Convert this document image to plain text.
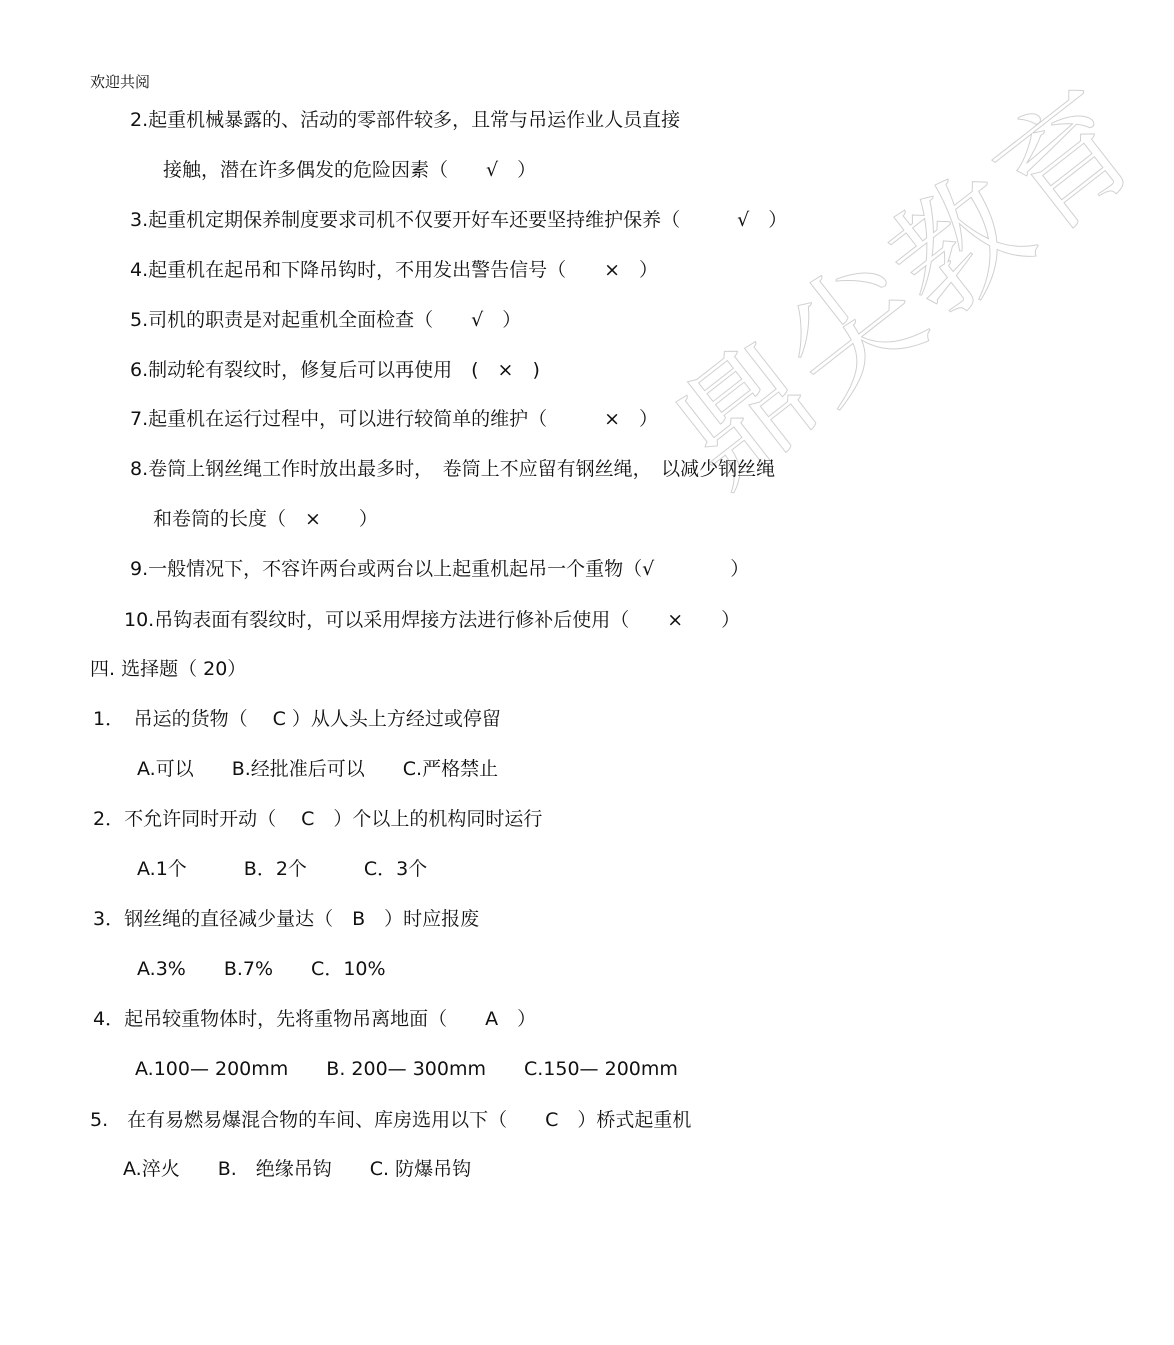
鼎尖教育
欢迎共阅
2.起重机械暴露的、活动的零部件较多，且常与吊运作业人员直接
接触，潜在许多偶发的危险因素（　　√　）
3.起重机定期保养制度要求司机不仅要开好车还要坚持维护保养（　　　√　）
4.起重机在起吊和下降吊钩时，不用发出警告信号（　　×　）
5.司机的职责是对起重机全面检查（　　√　）
6.制动轮有裂纹时，修复后可以再使用　(　×　)
7.起重机在运行过程中，可以进行较简单的维护（　　　×　）
8.卷筒上钢丝绳工作时放出最多时，　卷筒上不应留有钢丝绳，　以减少钢丝绳
和卷筒的长度（　×　　）
9.一般情况下，不容许两台或两台以上起重机起吊一个重物（√　　　　）
10.吊钩表面有裂纹时，可以采用焊接方法进行修补后使用（　　×　　）
四. 选择题（ 20）
1．　吊运的货物（　 C ）从人头上方经过或停留
A.可以　　B.经批准后可以　　C.严格禁止
2．不允许同时开动（　 C　）个以上的机构同时运行
A.1个　　　B．2个　　　C．3个
3．钢丝绳的直径减少量达（　B　）时应报废
A.3%　　B.7%　　C．10%
4．起吊较重物体时，先将重物吊离地面（　　A　）
A.100— 200mm　　B. 200— 300mm　　C.150— 200mm
5.　在有易燃易爆混合物的车间、库房选用以下（　　C　）桥式起重机
A.淬火　　B.　绝缘吊钩　　C. 防爆吊钩
